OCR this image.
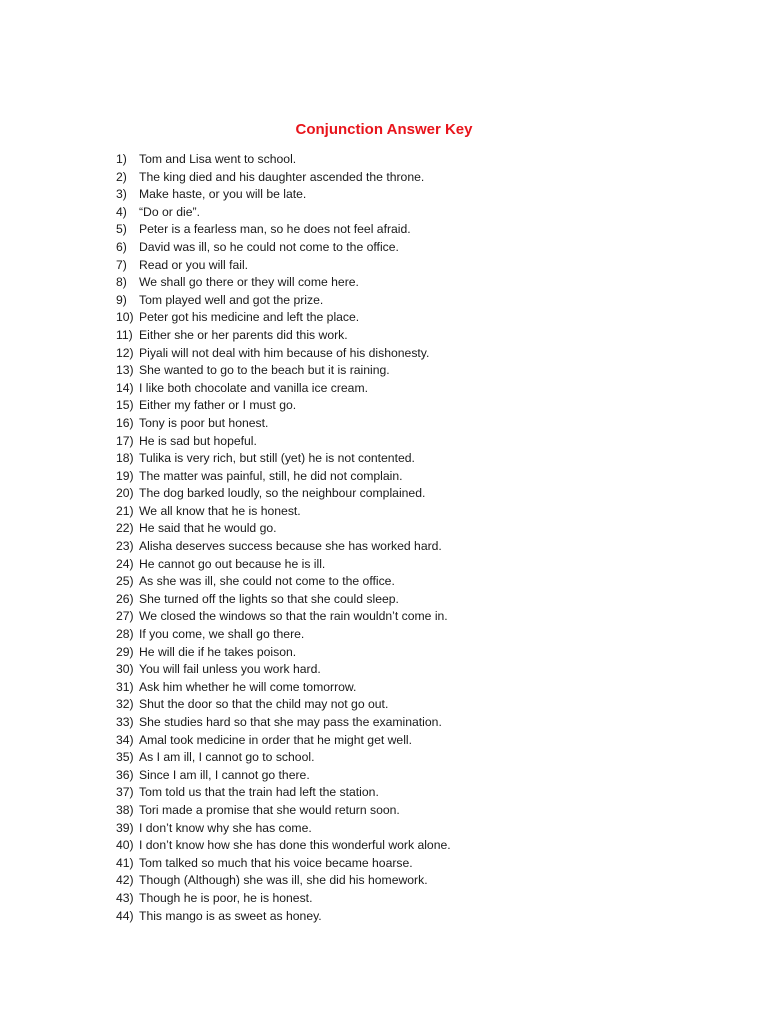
Conjunction Answer Key
1) Tom and Lisa went to school.
2) The king died and his daughter ascended the throne.
3) Make haste, or you will be late.
4) “Do or die”.
5) Peter is a fearless man, so he does not feel afraid.
6) David was ill, so he could not come to the office.
7) Read or you will fail.
8) We shall go there or they will come here.
9) Tom played well and got the prize.
10) Peter got his medicine and left the place.
11) Either she or her parents did this work.
12) Piyali will not deal with him because of his dishonesty.
13) She wanted to go to the beach but it is raining.
14) I like both chocolate and vanilla ice cream.
15) Either my father or I must go.
16) Tony is poor but honest.
17) He is sad but hopeful.
18) Tulika is very rich, but still (yet) he is not contented.
19) The matter was painful, still, he did not complain.
20) The dog barked loudly, so the neighbour complained.
21) We all know that he is honest.
22) He said that he would go.
23) Alisha deserves success because she has worked hard.
24) He cannot go out because he is ill.
25) As she was ill, she could not come to the office.
26) She turned off the lights so that she could sleep.
27) We closed the windows so that the rain wouldn’t come in.
28) If you come, we shall go there.
29) He will die if he takes poison.
30) You will fail unless you work hard.
31) Ask him whether he will come tomorrow.
32) Shut the door so that the child may not go out.
33) She studies hard so that she may pass the examination.
34) Amal took medicine in order that he might get well.
35) As I am ill, I cannot go to school.
36) Since I am ill, I cannot go there.
37) Tom told us that the train had left the station.
38) Tori made a promise that she would return soon.
39) I don’t know why she has come.
40) I don’t know how she has done this wonderful work alone.
41) Tom talked so much that his voice became hoarse.
42) Though (Although) she was ill, she did his homework.
43) Though he is poor, he is honest.
44) This mango is as sweet as honey.
